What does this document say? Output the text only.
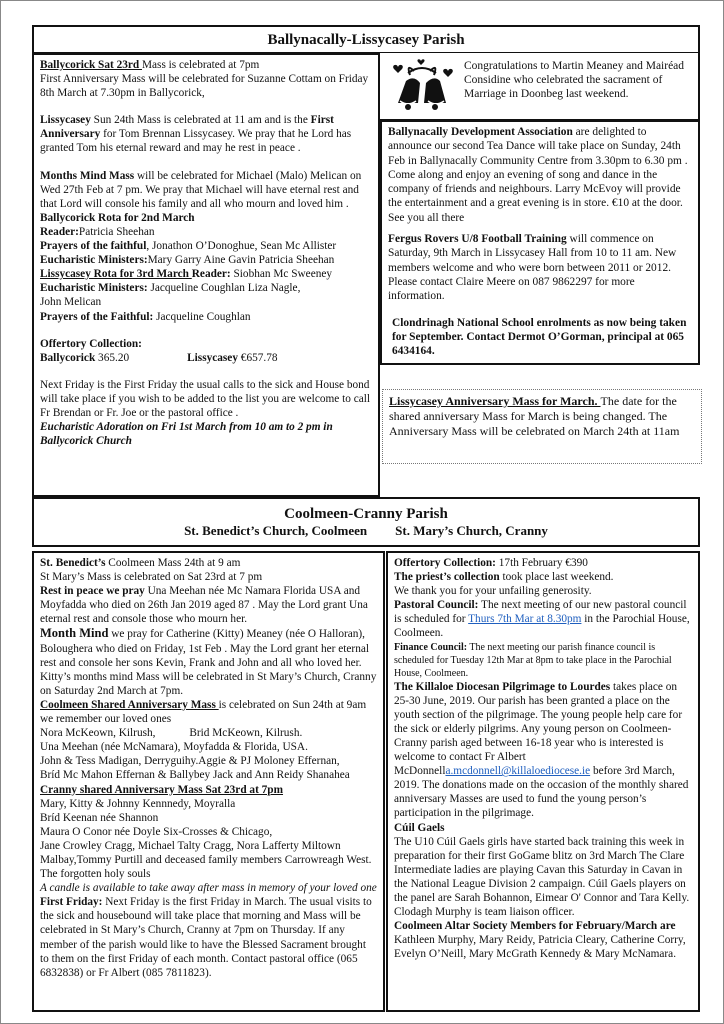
Ballynacally-Lissycasey Parish

Ballycorick Sat 23rd Mass is celebrated at 7pm

First Anniversary Mass will be celebrated for Suzanne Cottam on Friday 8th March at 7.30pm in Ballycorick,

Lissycasey Sun 24th Mass is celebrated at 11 am and is the First Anniversary for Tom Brennan Lissycasey. We pray that he Lord has granted Tom his eternal reward and may he rest in peace .

Months Mind Mass will be celebrated for Michael (Malo) Melican on Wed 27th Feb at 7 pm. We pray that Michael will have eternal rest and that Lord will console his family and all who mourn and loved him .

Ballycorick Rota for 2nd March

Reader:Patricia Sheehan

Prayers of the faithful, Jonathon O’Donoghue, Sean Mc Allister

Eucharistic Ministers:Mary Garry Aine Gavin Patricia Sheehan

Lissycasey Rota for 3rd March Reader: Siobhan Mc Sweeney

Eucharistic Ministers: Jacqueline Coughlan Liza Nagle,

John Melican

Prayers of the Faithful: Jacqueline Coughlan

Offertory Collection:

Ballycorick 365.20	Lissycasey €657.78

Next Friday is the First Friday the usual calls to the sick and House bond will take place if you wish to be added to the list you are welcome to call Fr Brendan or Fr. Joe or the pastoral office .

Eucharistic Adoration on Fri 1st March from 10 am to 2 pm in Ballycorick Church

Congratulations to Martin Meaney and Mairéad Considine who celebrated the sacrament of Marriage in Doonbeg last weekend.

Ballynacally Development Association are delighted to announce our second Tea Dance will take place on Sunday, 24th Feb in Ballynacally Community Centre from 3.30pm to 6.30 pm . Come along and enjoy an evening of song and dance in the company of friends and neighbours. Larry McEvoy will provide the entertainment and a great evening is in store. €10 at the door. See you all there

Fergus Rovers U/8 Football Training will commence on Saturday, 9th March in Lissycasey Hall from 10 to 11 am. New members welcome and who were born between 2011 or 2012. Please contact Claire Meere on 087 9862297 for more information.

Clondrinagh National School enrolments as now being taken for September. Contact Dermot O’Gorman, principal at 065 6434164.

Lissycasey Anniversary Mass for March. The date for the shared anniversary Mass for March is being changed. The Anniversary Mass will be celebrated on March 24th at 11am

Coolmeen-Cranny Parish
St. Benedict’s Church, Coolmeen St. Mary’s Church, Cranny

St. Benedict’s Coolmeen Mass 24th at 9 am

St Mary’s Mass is celebrated on Sat 23rd at 7 pm

Rest in peace we pray Una Meehan née Mc Namara Florida USA and Moyfadda who died on 26th Jan 2019 aged 87 . May the Lord grant Una eternal rest and console those who mourn her.

Month Mind we pray for Catherine (Kitty) Meaney (née O Halloran), Boloughera who died on Friday, 1st Feb . May the Lord grant her eternal rest and console her sons Kevin, Frank and John and all who loved her. Kitty’s months mind Mass will be celebrated in St Mary’s Church, Cranny on Saturday 2nd March at 7pm.

Coolmeen Shared Anniversary Mass is celebrated on Sun 24th at 9am we remember our loved ones

Nora McKeown, Kilrush,            Brid McKeown, Kilrush.

Una Meehan (née McNamara), Moyfadda & Florida, USA.

John & Tess Madigan, Derryguihy.Aggie & PJ Moloney Effernan,

Bríd Mc Mahon Effernan & Ballybey Jack and Ann Reidy Shanahea

Cranny shared Anniversary Mass Sat 23rd at 7pm

Mary, Kitty & Johnny Kennnedy, Moyralla

Bríd Keenan née Shannon

Maura O Conor née Doyle Six-Crosses & Chicago,

Jane Crowley Cragg, Michael Talty Cragg, Nora Lafferty Miltown Malbay,Tommy Purtill and deceased family members Carrowreagh West. The forgotten holy souls

A candle is available to take away after mass in memory of your loved one

First Friday: Next Friday is the first Friday in March. The usual visits to the sick and housebound will take place that morning and Mass will be celebrated in St Mary’s Church, Cranny at 7pm on Thursday. If any member of the parish would like to have the Blessed Sacrament brought to them on the first Friday of each month. Contact pastoral office (065 6832838) or Fr Albert (085 7811823).

Offertory Collection: 17th February €390

The priest’s collection took place last weekend.

We thank you for your unfailing generosity.

Pastoral Council: The next meeting of our new pastoral council is scheduled for Thurs 7th Mar at 8.30pm in the Parochial House, Coolmeen.

Finance Council: The next meeting our parish finance council is scheduled for Tuesday 12th Mar at 8pm to take place in the Parochial House, Coolmeen.

The Killaloe Diocesan Pilgrimage to Lourdes takes place on 25-30 June, 2019. Our parish has been granted a place on the youth section of the pilgrimage. The young people help care for the sick or elderly pilgrims. Any young person on Coolmeen-Cranny parish aged between 16-18 year who is interested is welcome to contact Fr Albert McDonnella.mcdonnell@killaloediocese.ie before 3rd March, 2019. The donations made on the occasion of the monthly shared anniversary Masses are used to fund the young person’s participation in the pilgrimage.

Cúil Gaels

The U10 Cúil Gaels girls have started back training this week in preparation for their first GoGame blitz on 3rd March The Clare Intermediate ladies are playing Cavan this Saturday in Cavan in the National League Division 2 campaign. Cúil Gaels players on the panel are Sarah Bohannon, Eimear O' Connor and Tara Kelly. Clodagh Murphy is team liaison officer.

Coolmeen Altar Society Members for February/March are Kathleen Murphy, Mary Reidy, Patricia Cleary, Catherine Corry, Evelyn O’Neill, Mary McGrath Kennedy & Mary McNamara.
